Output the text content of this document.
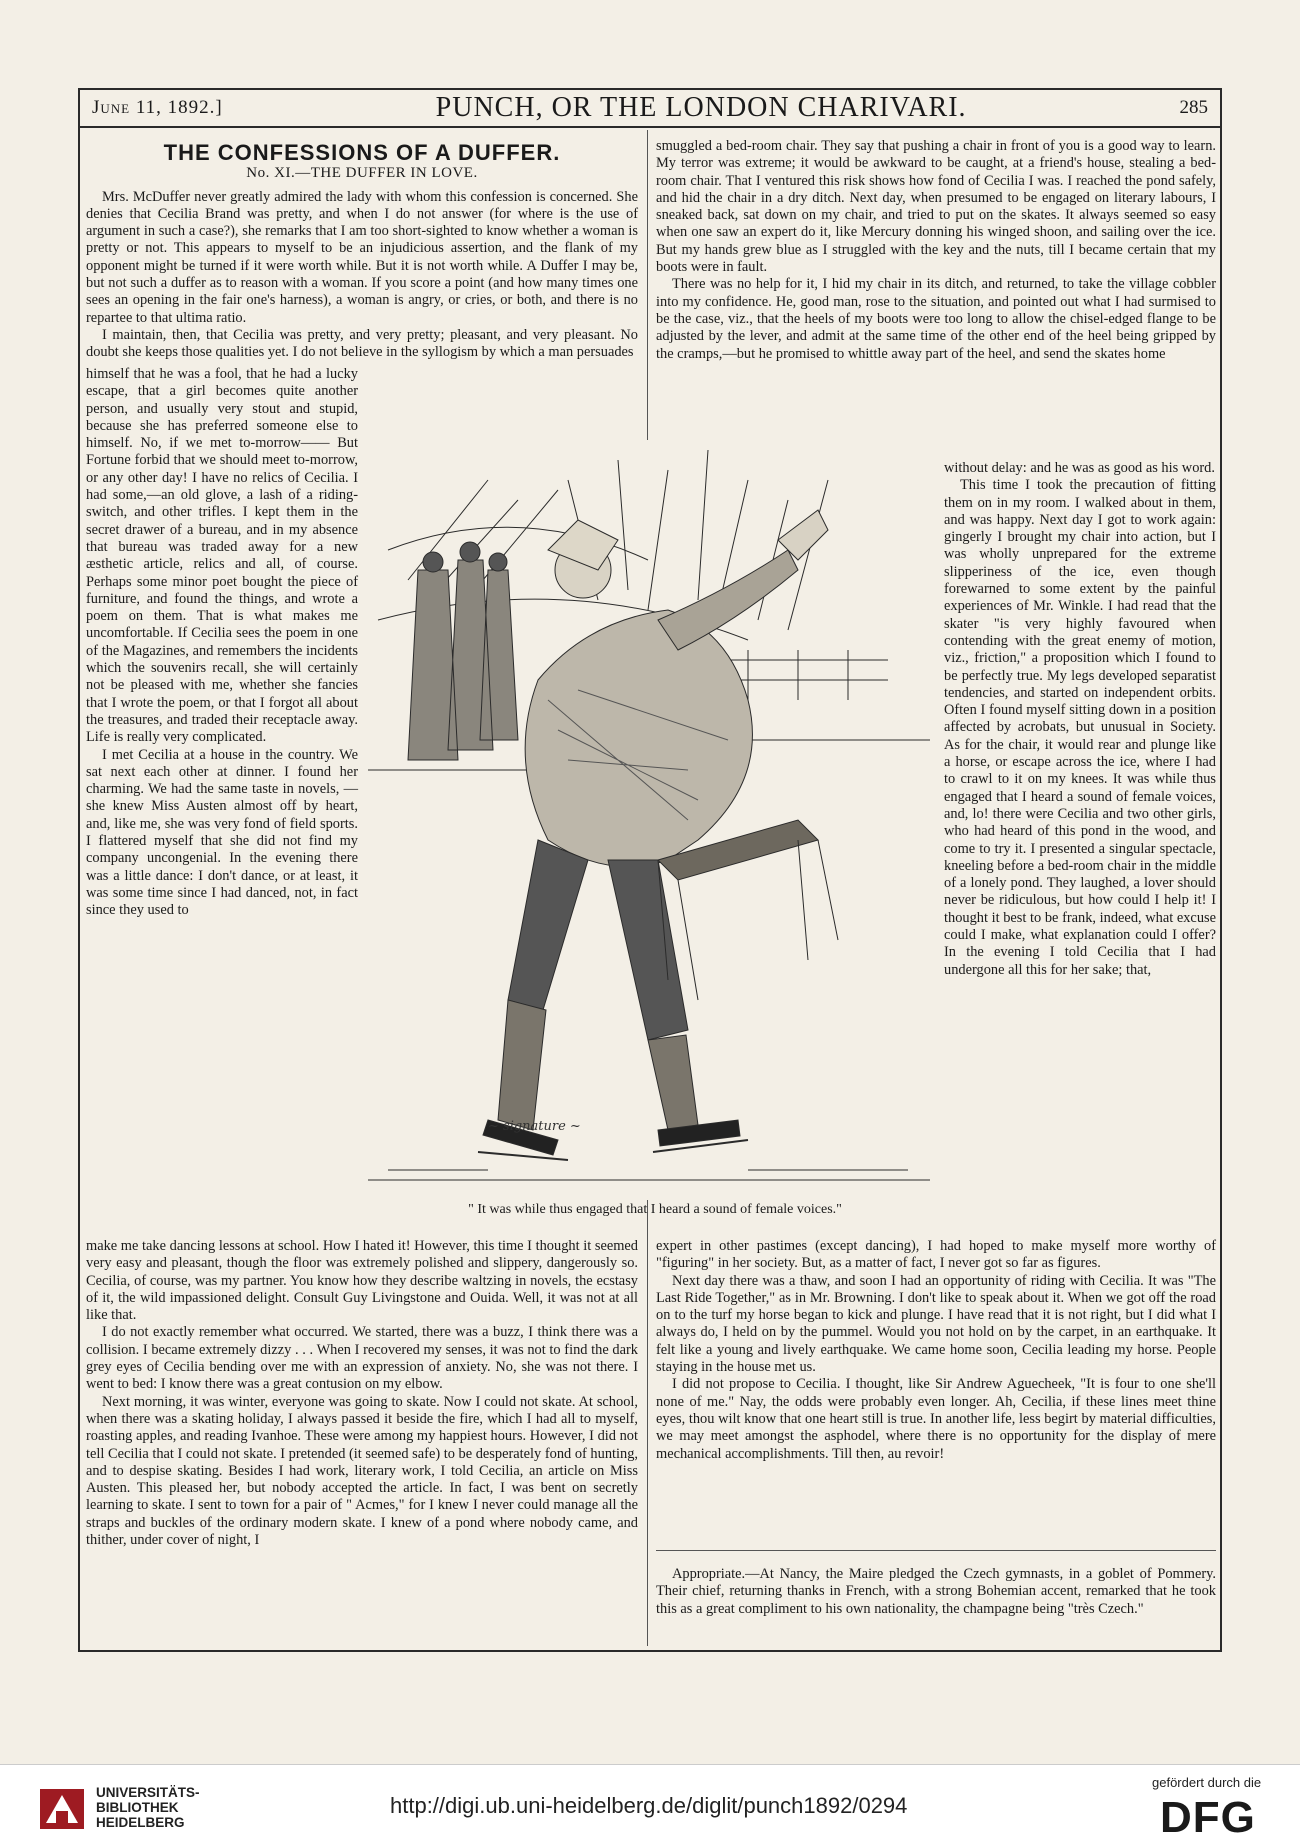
June 11, 1892.]	PUNCH, OR THE LONDON CHARIVARI.	285
THE CONFESSIONS OF A DUFFER.
No. XI.—THE DUFFER IN LOVE.

Mrs. McDuffer never greatly admired the lady with whom this confession is concerned. She denies that Cecilia Brand was pretty, and when I do not answer (for where is the use of argument in such a case?), she remarks that I am too short-sighted to know whether a woman is pretty or not. This appears to myself to be an injudicious assertion, and the flank of my opponent might be turned if it were worth while. But it is not worth while. A Duffer I may be, but not such a duffer as to reason with a woman. If you score a point (and how many times one sees an opening in the fair one's harness), a woman is angry, or cries, or both, and there is no repartee to that ultima ratio.

I maintain, then, that Cecilia was pretty, and very pretty; pleasant, and very pleasant. No doubt she keeps those qualities yet. I do not believe in the syllogism by which a man persuades

himself that he was a fool, that he had a lucky escape, that a girl becomes quite another person, and usually very stout and stupid, because she has preferred someone else to himself. No, if we met to-morrow—— But Fortune forbid that we should meet to-morrow, or any other day! I have no relics of Cecilia. I had some,—an old glove, a lash of a riding-switch, and other trifles. I kept them in the secret drawer of a bureau, and in my absence that bureau was traded away for a new æsthetic article, relics and all, of course. Perhaps some minor poet bought the piece of furniture, and found the things, and wrote a poem on them. That is what makes me uncomfortable. If Cecilia sees the poem in one of the Magazines, and remembers the incidents which the souvenirs recall, she will certainly not be pleased with me, whether she fancies that I wrote the poem, or that I forgot all about the treasures, and traded their receptacle away. Life is really very complicated.

I met Cecilia at a house in the country. We sat next each other at dinner. I found her charming. We had the same taste in novels, —she knew Miss Austen almost off by heart, and, like me, she was very fond of field sports. I flattered myself that she did not find my company uncongenial. In the evening there was a little dance: I don't dance, or at least, it was some time since I had danced, not, in fact since they used to

make me take dancing lessons at school. How I hated it! However, this time I thought it seemed very easy and pleasant, though the floor was extremely polished and slippery, dangerously so. Cecilia, of course, was my partner. You know how they describe waltzing in novels, the ecstasy of it, the wild impassioned delight. Consult Guy Livingstone and Ouida. Well, it was not at all like that.

I do not exactly remember what occurred. We started, there was a buzz, I think there was a collision. I became extremely dizzy . . . When I recovered my senses, it was not to find the dark grey eyes of Cecilia bending over me with an expression of anxiety. No, she was not there. I went to bed: I know there was a great contusion on my elbow.

Next morning, it was winter, everyone was going to skate. Now I could not skate. At school, when there was a skating holiday, I always passed it beside the fire, which I had all to myself, roasting apples, and reading Ivanhoe. These were among my happiest hours. However, I did not tell Cecilia that I could not skate. I pretended (it seemed safe) to be desperately fond of hunting, and to despise skating. Besides I had work, literary work, I told Cecilia, an article on Miss Austen. This pleased her, but nobody accepted the article. In fact, I was bent on secretly learning to skate. I sent to town for a pair of " Acmes," for I knew I never could manage all the straps and buckles of the ordinary modern skate. I knew of a pond where nobody came, and thither, under cover of night, I

smuggled a bed-room chair. They say that pushing a chair in front of you is a good way to learn. My terror was extreme; it would be awkward to be caught, at a friend's house, stealing a bed-room chair. That I ventured this risk shows how fond of Cecilia I was. I reached the pond safely, and hid the chair in a dry ditch. Next day, when presumed to be engaged on literary labours, I sneaked back, sat down on my chair, and tried to put on the skates. It always seemed so easy when one saw an expert do it, like Mercury donning his winged shoon, and sailing over the ice. But my hands grew blue as I struggled with the key and the nuts, till I became certain that my boots were in fault.

There was no help for it, I hid my chair in its ditch, and returned, to take the village cobbler into my confidence. He, good man, rose to the situation, and pointed out what I had surmised to be the case, viz., that the heels of my boots were too long to allow the chisel-edged flange to be adjusted by the lever, and admit at the same time of the other end of the heel being gripped by the cramps,—but he promised to whittle away part of the heel, and send the skates home

without delay: and he was as good as his word.

This time I took the precaution of fitting them on in my room. I walked about in them, and was happy. Next day I got to work again: gingerly I brought my chair into action, but I was wholly unprepared for the extreme slipperiness of the ice, even though forewarned to some extent by the painful experiences of Mr. Winkle. I had read that the skater "is very highly favoured when contending with the great enemy of motion, viz., friction," a proposition which I found to be perfectly true. My legs developed separatist tendencies, and started on independent orbits. Often I found myself sitting down in a position affected by acrobats, but unusual in Society. As for the chair, it would rear and plunge like a horse, or escape across the ice, where I had to crawl to it on my knees. It was while thus engaged that I heard a sound of female voices, and, lo! there were Cecilia and two other girls, who had heard of this pond in the wood, and come to try it. I presented a singular spectacle, kneeling before a bed-room chair in the middle of a lonely pond. They laughed, a lover should never be ridiculous, but how could I help it! I thought it best to be frank, indeed, what excuse could I make, what explanation could I offer? In the evening I told Cecilia that I had undergone all this for her sake; that,

~ signature ~
" It was while thus engaged that I heard a sound of female voices."

expert in other pastimes (except dancing), I had hoped to make myself more worthy of "figuring" in her society. But, as a matter of fact, I never got so far as figures.

Next day there was a thaw, and soon I had an opportunity of riding with Cecilia. It was "The Last Ride Together," as in Mr. Browning. I don't like to speak about it. When we got off the road on to the turf my horse began to kick and plunge. I have read that it is not right, but I did what I always do, I held on by the pummel. Would you not hold on by the carpet, in an earthquake. It felt like a young and lively earthquake. We came home soon, Cecilia leading my horse. People staying in the house met us.

I did not propose to Cecilia. I thought, like Sir Andrew Aguecheek, "It is four to one she'll none of me." Nay, the odds were probably even longer. Ah, Cecilia, if these lines meet thine eyes, thou wilt know that one heart still is true. In another life, less begirt by material difficulties, we may meet amongst the asphodel, where there is no opportunity for the display of mere mechanical accomplishments. Till then, au revoir!

Appropriate.—At Nancy, the Maire pledged the Czech gymnasts, in a goblet of Pommery. Their chief, returning thanks in French, with a strong Bohemian accent, remarked that he took this as a great compliment to his own nationality, the champagne being "très Czech."

UNIVERSITÄTS-
BIBLIOTHEK
HEIDELBERG
http://digi.ub.uni-heidelberg.de/diglit/punch1892/0294
gefördert durch die
DFG
